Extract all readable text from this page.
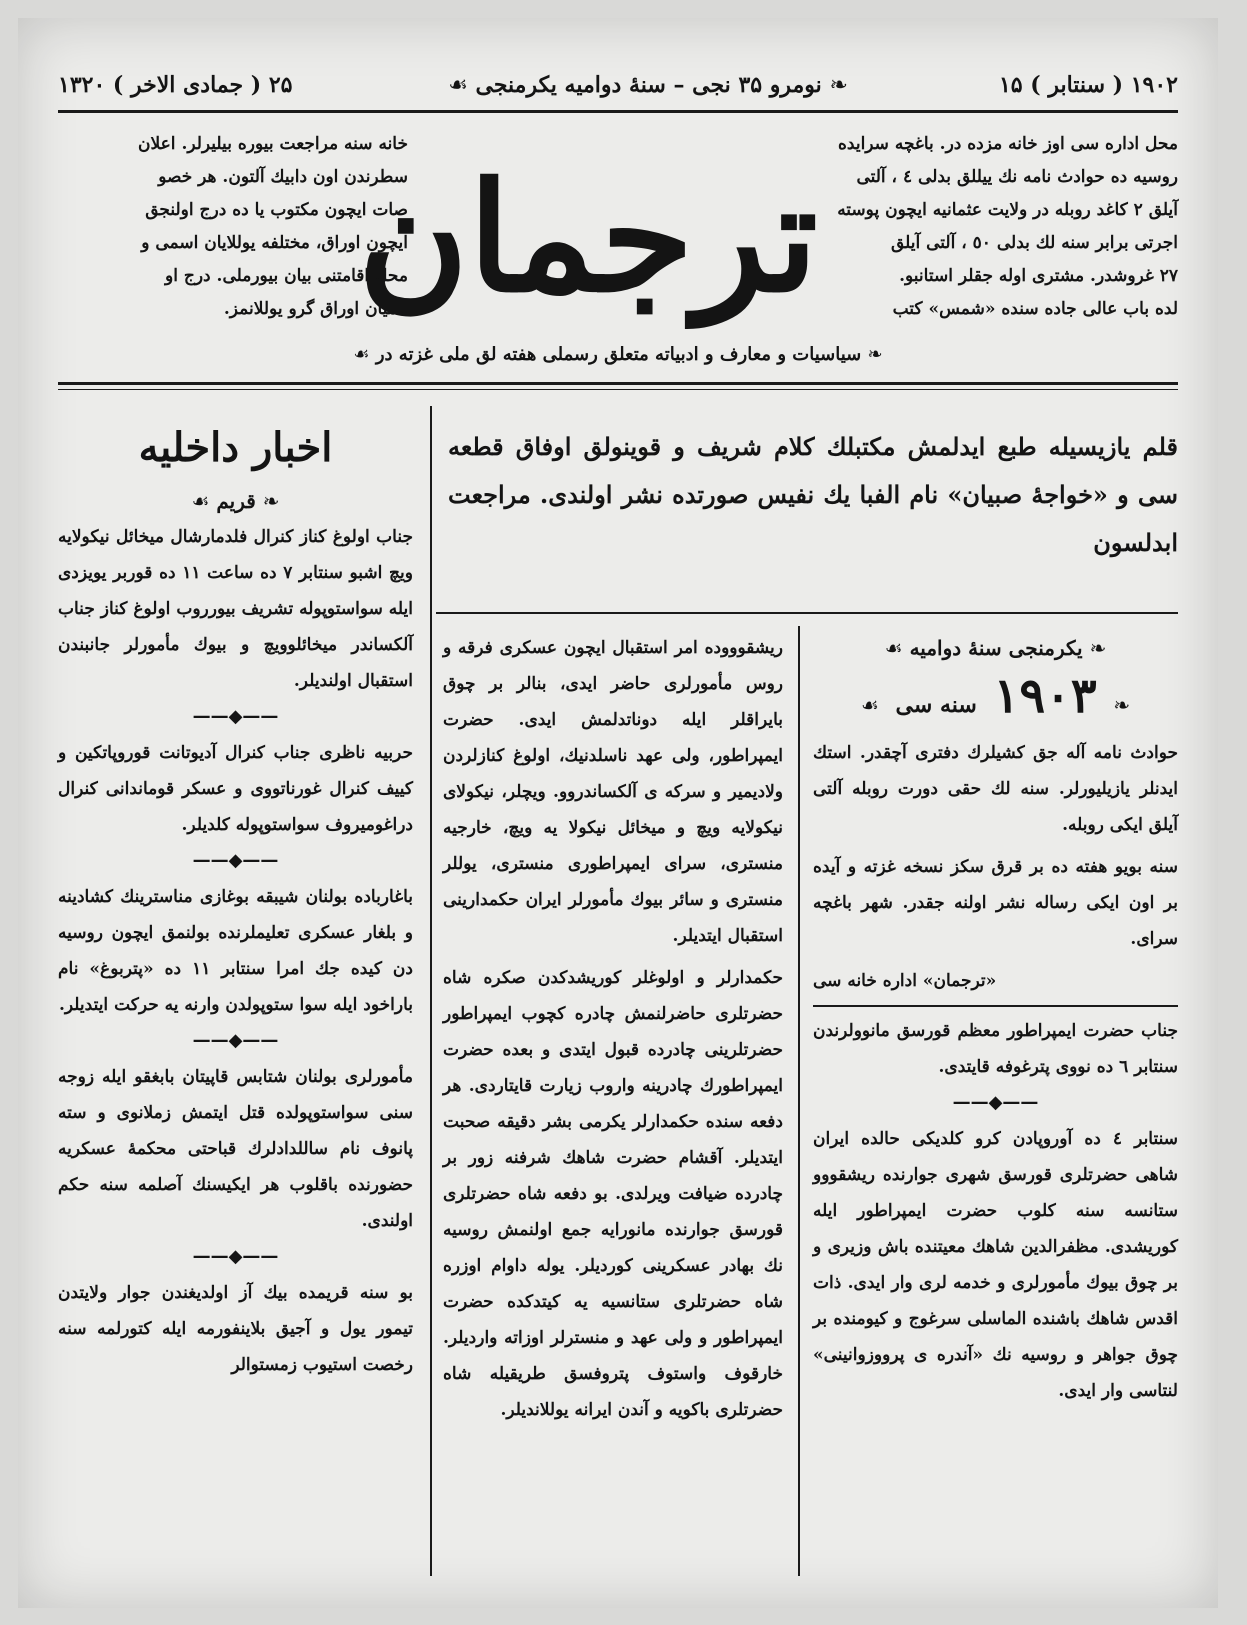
۱۹۰۲ ( سنتابر ) ۱۵
❧ نومرو ۳۵ نجی – سنهٔ دوامیه یکرمنجی ☙
۲۵ ( جمادی الاخر ) ۱۳۲۰

محل اداره سی اوز خانه مزده در. باغچه سرایده

روسیه ده حوادث نامه نك ییللق بدلی ٤ ، آلتی

آیلق ۲ کاغد روبله در ولایت عثمانیه ایچون پوسته

اجرتی برابر سنه لك بدلی ٥٠ ، آلتی آیلق

۲۷ غروشدر. مشتری اوله جقلر استانبو.

لده باب عالی جاده سنده «شمس» کتب

ترجمان

خانه سنه مراجعت بیوره بیلیرلر. اعلان

سطرندن اون دابیك آلتون. هر خصو

صات ایچون مکتوب یا ده درج اولنجق

ایچون اوراق، مختلفه یوللایان اسمی و

محل اقامتنی بیان بیورملی. درج او

لنمیان اوراق گرو یوللانمز.

❧ سیاسیات و معارف و ادبیاته متعلق رسملی هفته لق ملی غزته در ☙
قلم یازیسیله طبع ایدلمش مکتبلك کلام شریف و قوینولق اوفاق قطعه سی و «خواجهٔ صبیان» نام الفبا یك نفیس صورتده نشر اولندی. مراجعت ابدلسون
اخبار داخلیه
❧ قریم ☙

جناب اولوغ کناز کنرال فلدمارشال میخائل نیکولایه ویچ اشبو سنتابر ۷ ده ساعت ۱۱ ده قوربر یویزدی ایله سواستوپوله تشریف بیورروب اولوغ کناز جناب آلکساندر میخائلوویچ و بیوك مأمورلر جانبندن استقبال اولندیلر.

——◆——

حربیه ناظری جناب کنرال آدیوتانت قوروپاتکین و کییف کنرال غورناتووی و عسکر قوماندانی کنرال دراغومیروف سواستوپوله کلدیلر.

——◆——

باغارباده بولنان شیبقه بوغازی مناسترینك کشادینه و بلغار عسکری تعلیملرنده بولنمق ایچون روسیه دن کیده جك امرا سنتابر ۱۱ ده «پتربوغ» نام باراخود ایله سوا ستوپولدن وارنه یه حرکت ایتدیلر.

——◆——

مأمورلری بولنان شتابس قاپیتان بابغقو ایله زوجه سنی سواستوپولده قتل ایتمش زملانوی و سته پانوف نام ساللدادلرك قباحتی محکمهٔ عسکریه حضورنده باقلوب هر ایکیسنك آصلمه سنه حکم اولندی.

——◆——

بو سنه قریمده بیك آز اولدیغندن جوار ولایتدن تیمور یول و آجیق بلاینفورمه ایله کتورلمه سنه رخصت استیوب زمستوالر

ریشقوووده امر استقبال ایچون عسکری فرقه و روس مأمورلری حاضر ایدی، بنالر بر چوق بایراقلر ایله دوناتدلمش ایدی. حضرت ایمپراطور، ولی عهد ناسلدنیك، اولوغ کنازلردن ولادیمیر و سرکه ی آلکساندروو. ویچلر، نیکولای نیکولایه ویچ و میخائل نیکولا یه ویچ، خارجیه منستری، سرای ایمپراطوری منستری، یوللر منستری و سائر بیوك مأمورلر ایران حکمدارینی استقبال ایتدیلر.

حکمدارلر و اولوغلر کوریشدکدن صکره شاه حضرتلری حاضرلنمش چادره کچوب ایمپراطور حضرتلرینی چادرده قبول ایتدی و بعده حضرت ایمپراطورك چادرینه واروب زیارت قایتاردی. هر دفعه سنده حکمدارلر یکرمی بشر دقیقه صحبت ایتدیلر. آقشام حضرت شاهك شرفنه زور بر چادرده ضیافت ویرلدی. بو دفعه شاه حضرتلری قورسق جوارنده مانورایه جمع اولنمش روسیه نك بهادر عسکرینی کوردیلر. یوله داوام اوزره شاه حضرتلری ستانسیه یه کیتدکده حضرت ایمپراطور و ولی عهد و منسترلر اوزاته واردیلر. خارقوف واستوف پتروفسق طریقیله شاه حضرتلری باکویه و آندن ایرانه یوللاندیلر.

❧ یکرمنجی سنهٔ دوامیه ☙
❧ ۱۹۰۳ سنه سی ☙

حوادث نامه آله جق کشیلرك دفتری آچقدر. استك ایدنلر یازیلیورلر. سنه لك حقی دورت روبله آلتی آیلق ایکی روبله.

سنه بویو هفته ده بر قرق سکز نسخه غزته و آیده بر اون ایکی رساله نشر اولنه جقدر. شهر باغچه سرای.

«ترجمان» اداره خانه سی

جناب حضرت ایمپراطور معظم قورسق مانوولرندن سنتابر ٦ ده نووی پترغوفه قایتدی.

——◆——

سنتابر ٤ ده آوروپادن کرو کلدیکی حالده ایران شاهی حضرتلری قورسق شهری جوارنده ریشقووو ستانسه سنه کلوب حضرت ایمپراطور ایله کوریشدی. مظفرالدین شاهك معیتنده باش وزیری و بر چوق بیوك مأمورلری و خدمه لری وار ایدی. ذات اقدس شاهك باشنده الماسلی سرغوج و کیومنده بر چوق جواهر و روسیه نك «آندره ی پرووزوانینی» لنتاسی وار ایدی.
